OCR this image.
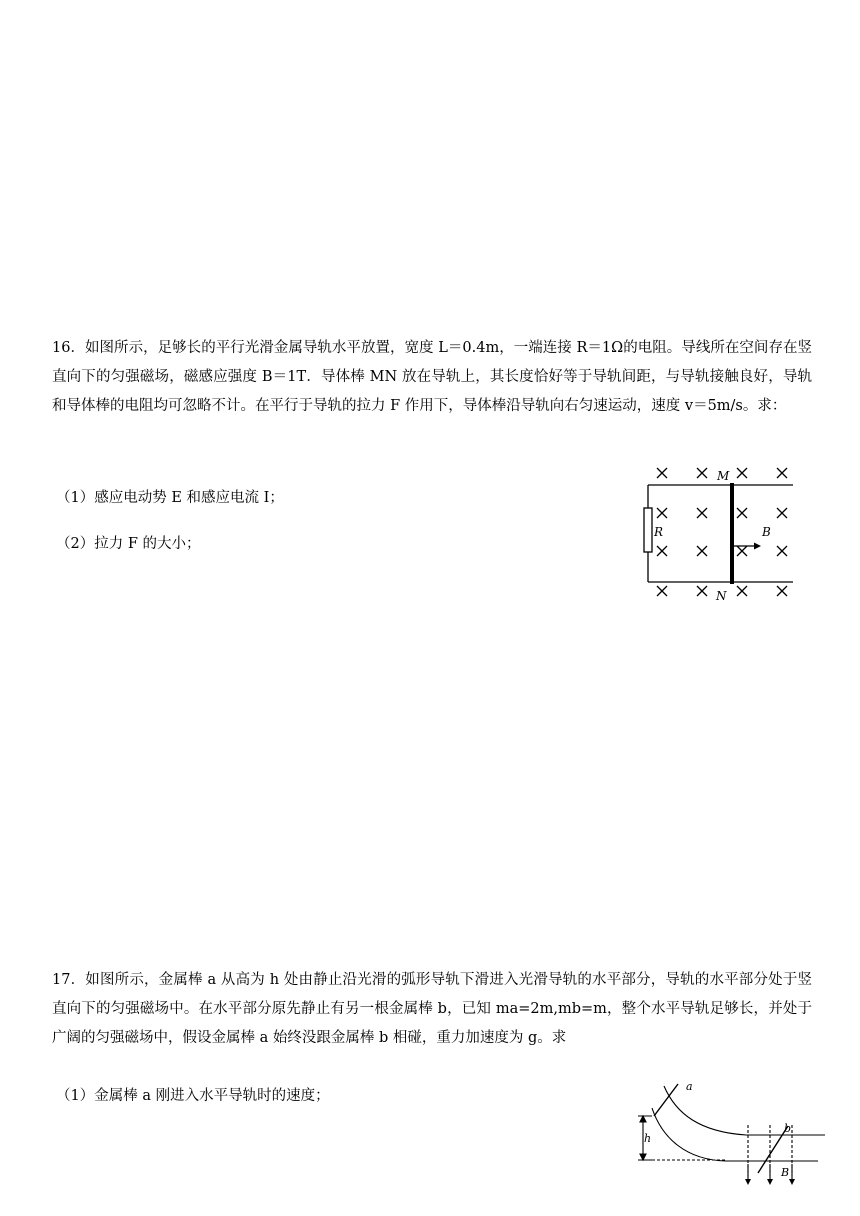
16．如图所示，足够长的平行光滑金属导轨水平放置，宽度 L＝0.4m，一端连接 R＝1Ω的电阻。导线所在空间存在竖直向下的匀强磁场，磁感应强度 B＝1T．导体棒 MN 放在导轨上，其长度恰好等于导轨间距，与导轨接触良好，导轨和导体棒的电阻均可忽略不计。在平行于导轨的拉力 F 作用下，导体棒沿导轨向右匀速运动，速度 v＝5m/s。求：

（1）感应电动势 E 和感应电流 I；

（2）拉力 F 的大小；

M
N
R	B

17．如图所示，金属棒 a 从高为 h 处由静止沿光滑的弧形导轨下滑进入光滑导轨的水平部分，导轨的水平部分处于竖直向下的匀强磁场中。在水平部分原先静止有另一根金属棒 b，已知 ma=2m,mb=m，整个水平导轨足够长，并处于广阔的匀强磁场中，假设金属棒 a 始终没跟金属棒 b 相碰，重力加速度为 g。求

（1）金属棒 a 刚进入水平导轨时的速度；

a
b
h
B
